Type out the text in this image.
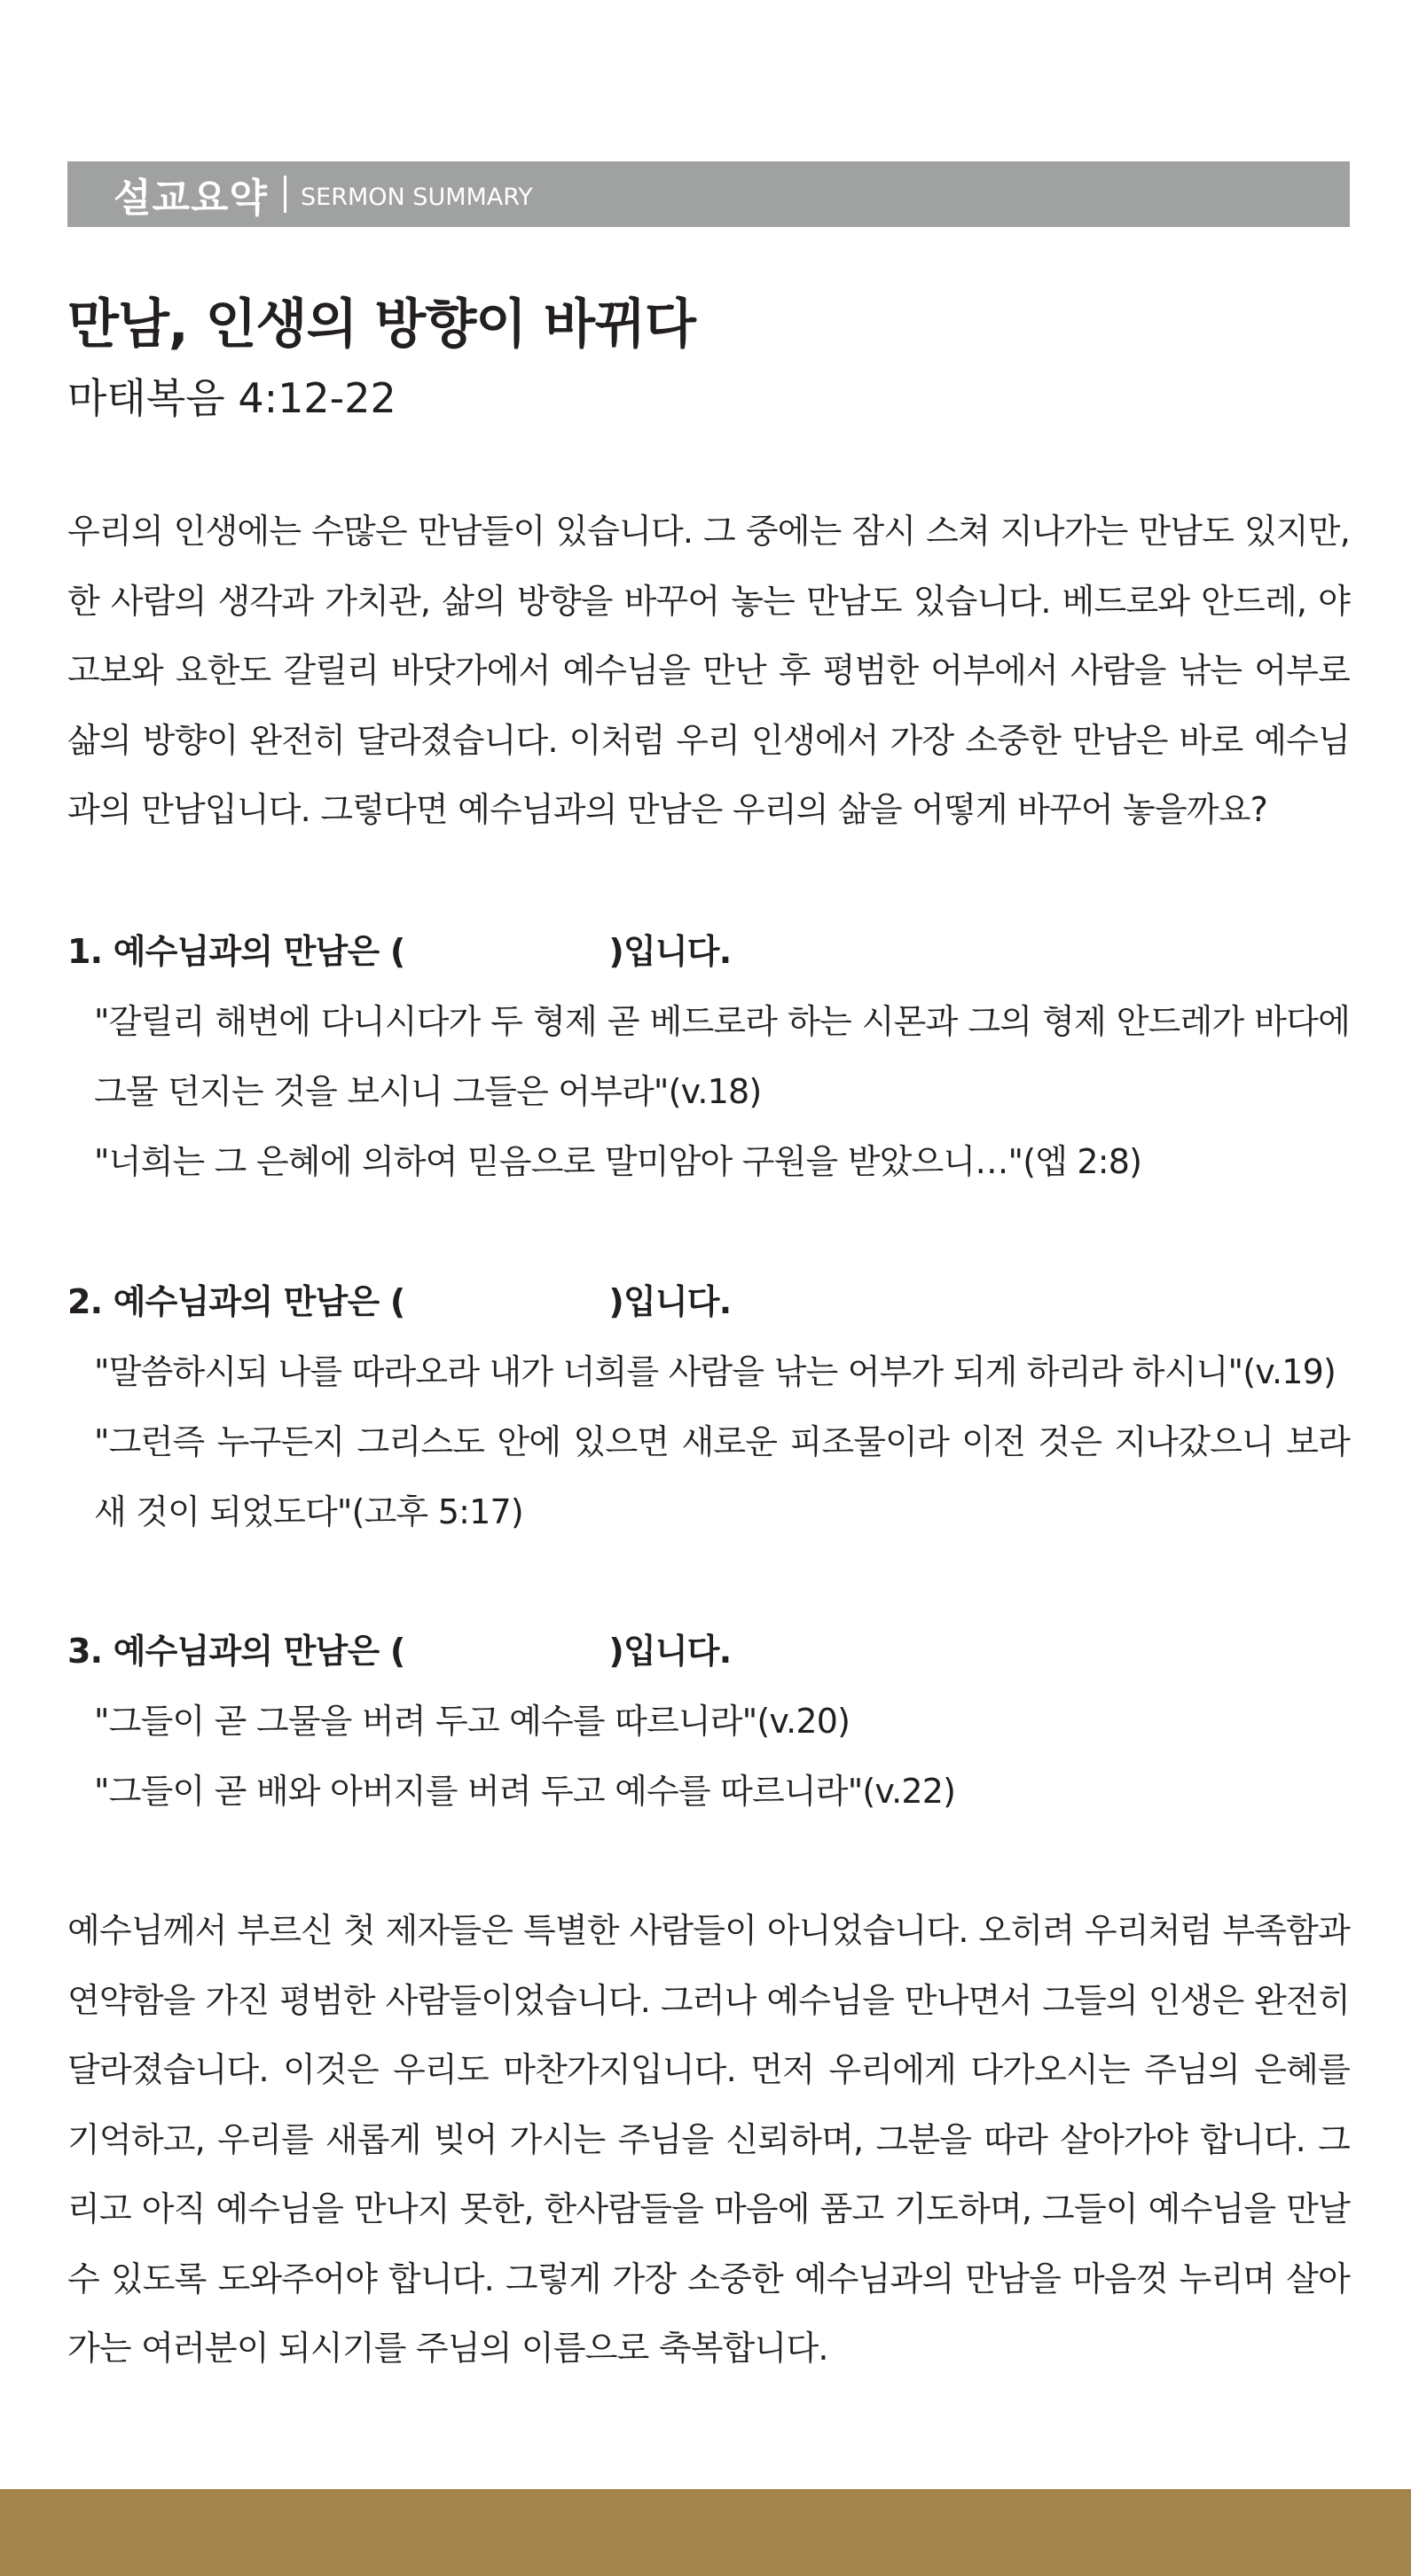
설교요약 SERMON SUMMARY
만남, 인생의 방향이 바뀌다

마태복음 4:12-22

우리의 인생에는 수많은 만남들이 있습니다. 그 중에는 잠시 스쳐 지나가는 만남도 있지만, 한 사람의 생각과 가치관, 삶의 방향을 바꾸어 놓는 만남도 있습니다. 베드로와 안드레, 야고보와 요한도 갈릴리 바닷가에서 예수님을 만난 후 평범한 어부에서 사람을 낚는 어부로 삶의 방향이 완전히 달라졌습니다. 이처럼 우리 인생에서 가장 소중한 만남은 바로 예수님과의 만남입니다. 그렇다면 예수님과의 만남은 우리의 삶을 어떻게 바꾸어 놓을까요?

1. 예수님과의 만남은 (	)입니다.

"갈릴리 해변에 다니시다가 두 형제 곧 베드로라 하는 시몬과 그의 형제 안드레가 바다에 그물 던지는 것을 보시니 그들은 어부라"(v.18)

"너희는 그 은혜에 의하여 믿음으로 말미암아 구원을 받았으니…"(엡 2:8)

2. 예수님과의 만남은 (	)입니다.

"말씀하시되 나를 따라오라 내가 너희를 사람을 낚는 어부가 되게 하리라 하시니"(v.19)

"그런즉 누구든지 그리스도 안에 있으면 새로운 피조물이라 이전 것은 지나갔으니 보라 새 것이 되었도다"(고후 5:17)

3. 예수님과의 만남은 (	)입니다.

"그들이 곧 그물을 버려 두고 예수를 따르니라"(v.20)

"그들이 곧 배와 아버지를 버려 두고 예수를 따르니라"(v.22)

예수님께서 부르신 첫 제자들은 특별한 사람들이 아니었습니다. 오히려 우리처럼 부족함과 연약함을 가진 평범한 사람들이었습니다. 그러나 예수님을 만나면서 그들의 인생은 완전히 달라졌습니다. 이것은 우리도 마찬가지입니다. 먼저 우리에게 다가오시는 주님의 은혜를 기억하고, 우리를 새롭게 빚어 가시는 주님을 신뢰하며, 그분을 따라 살아가야 합니다. 그리고 아직 예수님을 만나지 못한, 한사람들을 마음에 품고 기도하며, 그들이 예수님을 만날 수 있도록 도와주어야 합니다. 그렇게 가장 소중한 예수님과의 만남을 마음껏 누리며 살아가는 여러분이 되시기를 주님의 이름으로 축복합니다.
